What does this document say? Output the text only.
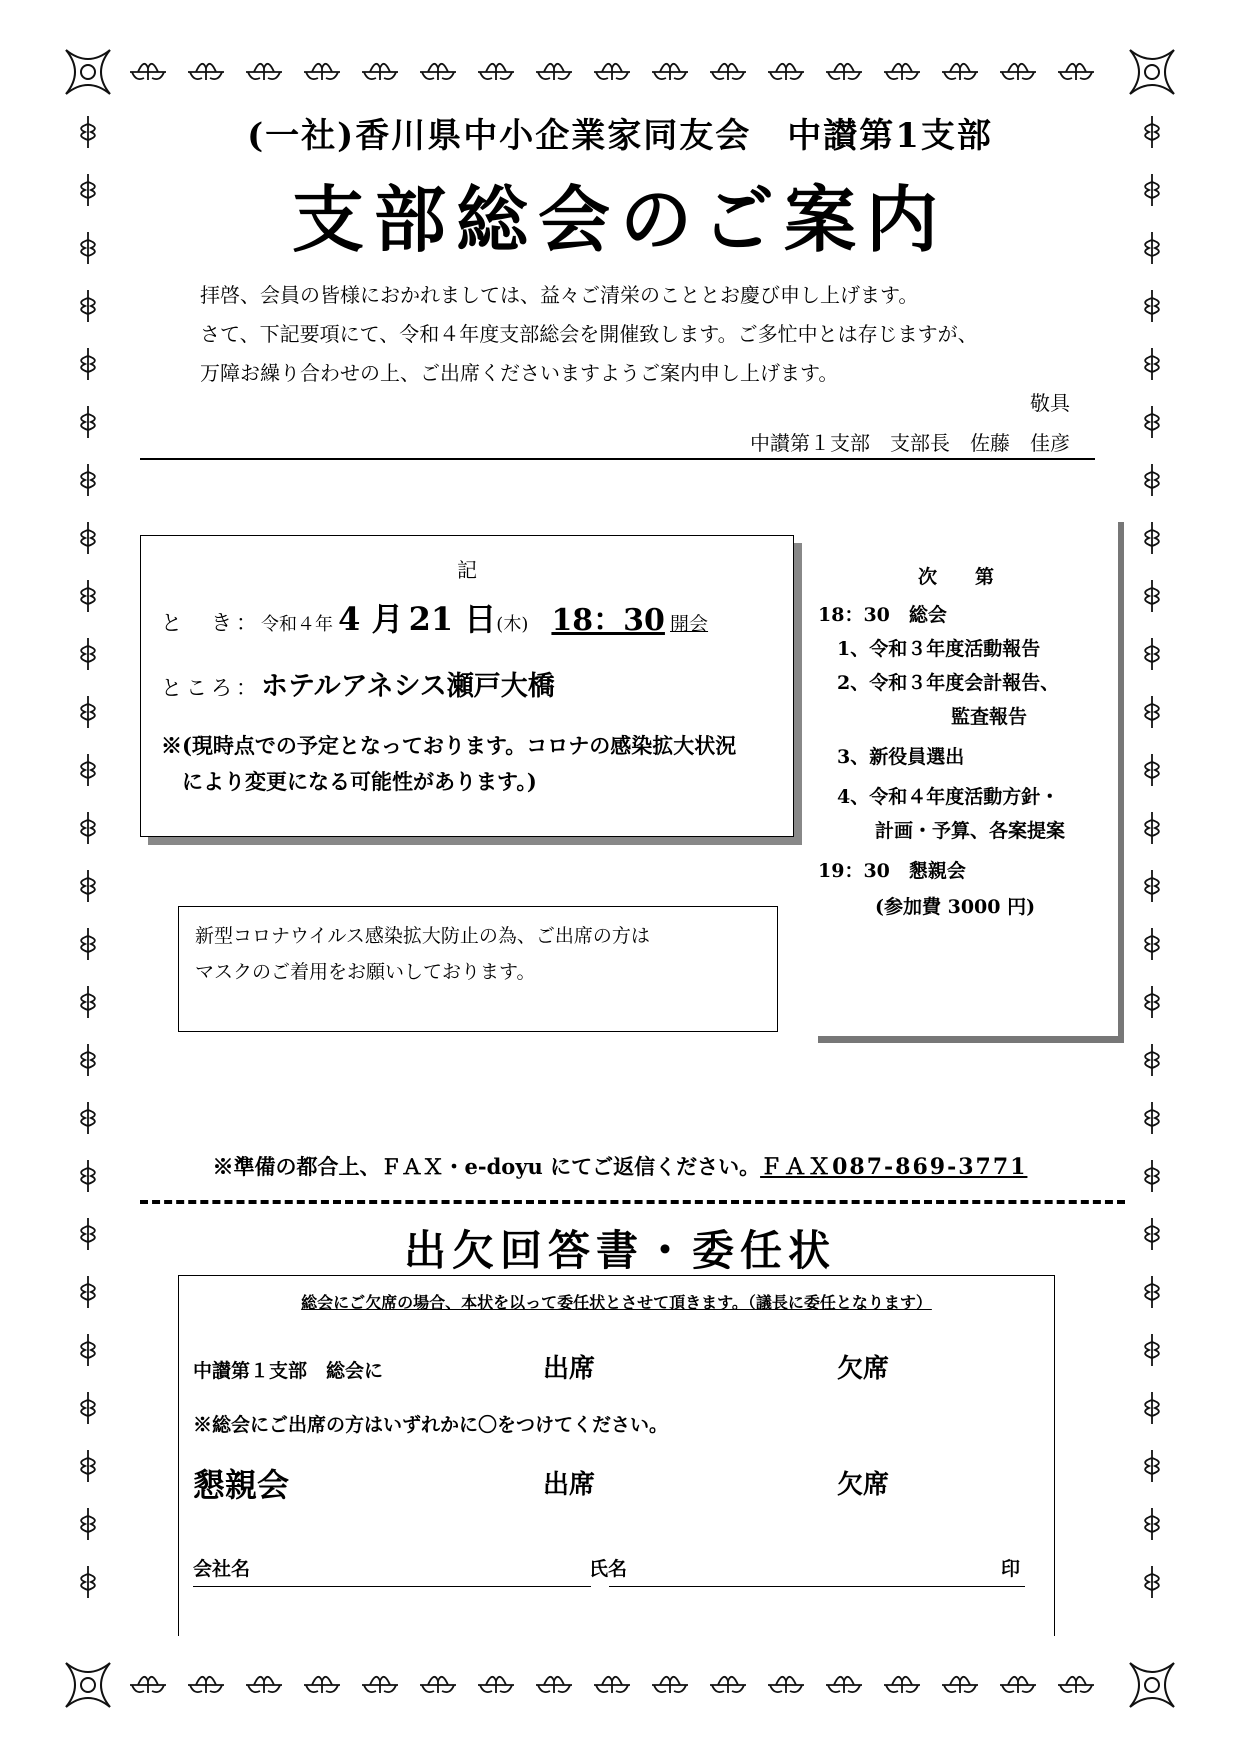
(一社)香川県中小企業家同友会　中讃第1支部
支部総会のご案内
拝啓、会員の皆様におかれましては、益々ご清栄のこととお慶び申し上げます。
さて、下記要項にて、令和４年度支部総会を開催致します。ご多忙中とは存じますが、
万障お繰り合わせの上、ご出席くださいますようご案内申し上げます。
敬具
中讃第１支部　支部長　佐藤　佳彦
記
と　き：令和４年 4 月 21 日(木) 18：30 開会
ところ：ホテルアネシス瀬戸大橋
※(現時点での予定となっております。コロナの感染拡大状況
　により変更になる可能性があります。)
新型コロナウイルス感染拡大防止の為、ご出席の方は
マスクのご着用をお願いしております。
次第
18：30　総会
　1、令和３年度活動報告
　2、令和３年度会計報告、
　　　　　　　監査報告
　3、新役員選出
　4、令和４年度活動方針・
　　　計画・予算、各案提案
19：30　懇親会
　　　(参加費 3000 円)
※準備の都合上、ＦＡＸ・e-doyu にてご返信ください。ＦＡＸ087-869-3771
出欠回答書・委任状
総会にご欠席の場合、本状を以って委任状とさせて頂きます。（議長に委任となります）
中讃第１支部　総会に	出席	欠席
※総会にご出席の方はいずれかに〇をつけてください。
懇親会	出席	欠席
会社名	氏名	印
